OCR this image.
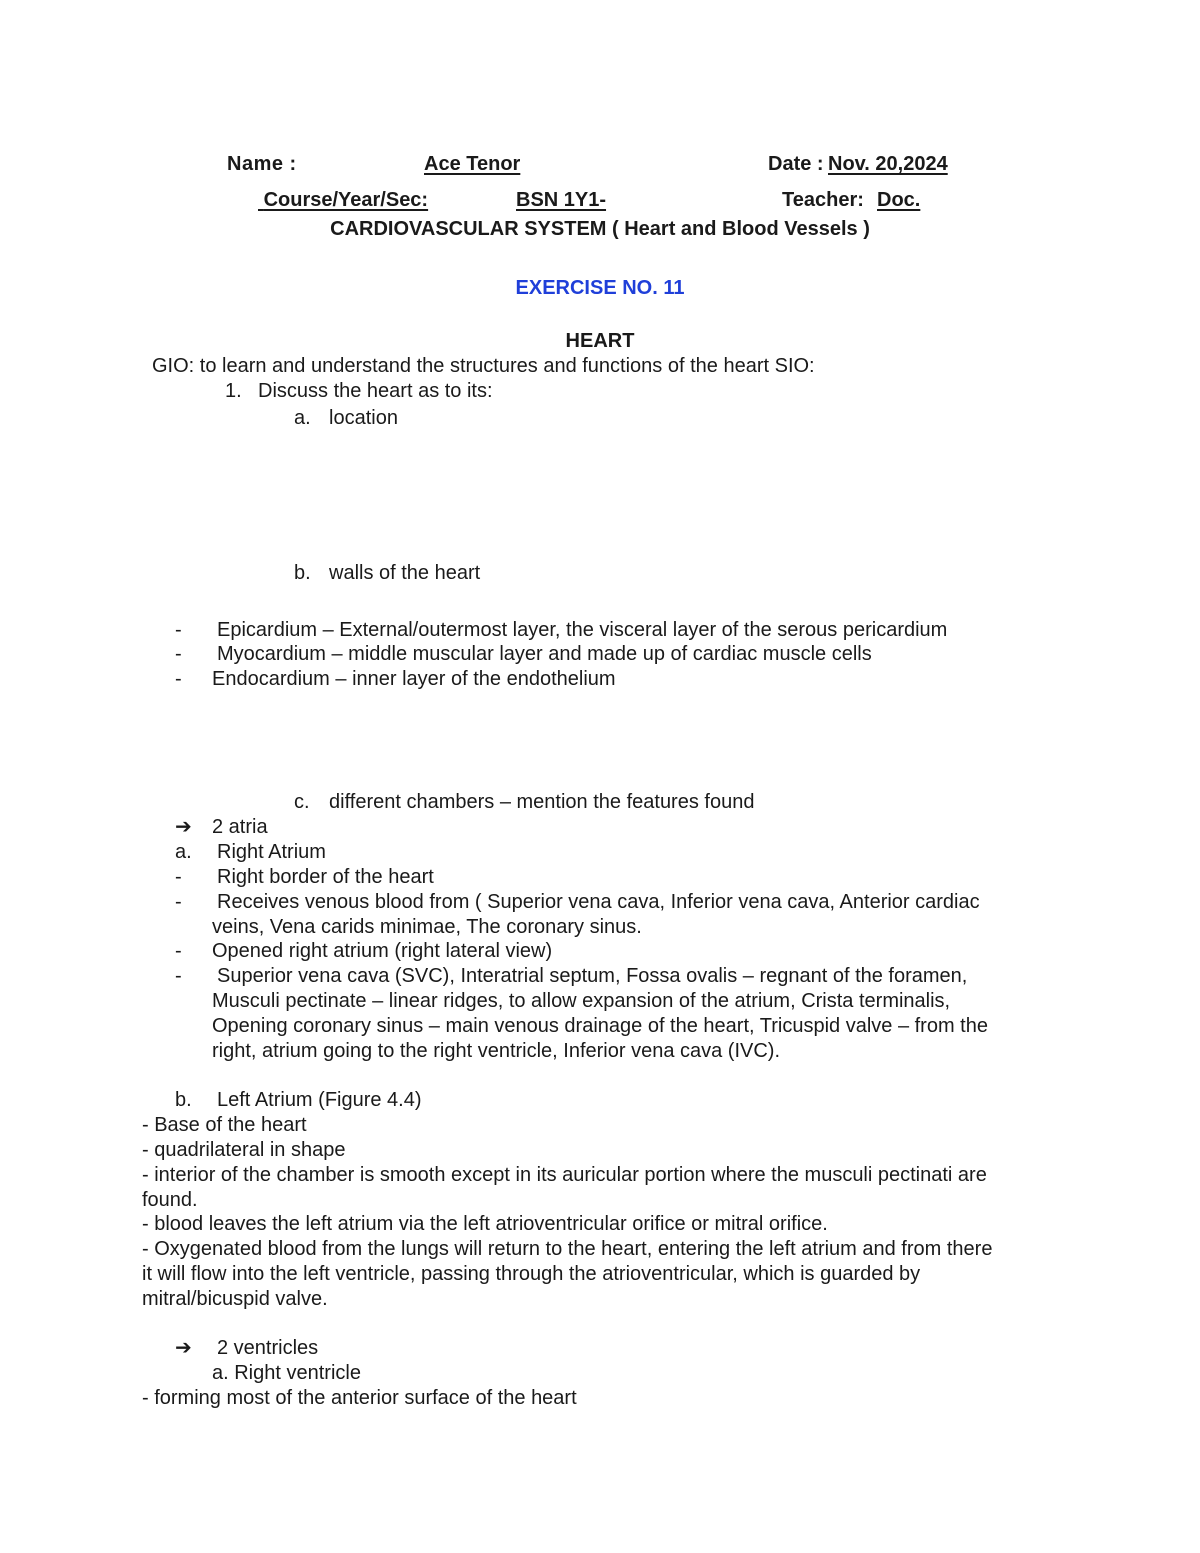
Name :	Ace Tenor	Date : Nov. 20,2024
Course/Year/Sec:	BSN 1Y1-	Teacher: Doc.
CARDIOVASCULAR SYSTEM ( Heart and Blood Vessels )
EXERCISE NO. 11
HEART
GIO: to learn and understand the structures and functions of the heart SIO:
1. Discuss the heart as to its:
a. location
b. walls of the heart
- Epicardium – External/outermost layer, the visceral layer of the serous pericardium
- Myocardium – middle muscular layer and made up of cardiac muscle cells
- Endocardium – inner layer of the endothelium
c. different chambers – mention the features found
➔ 2 atria
a. Right Atrium
- Right border of the heart
- Receives venous blood from ( Superior vena cava, Inferior vena cava, Anterior cardiac
veins, Vena carids minimae, The coronary sinus.
- Opened right atrium (right lateral view)
- Superior vena cava (SVC), Interatrial septum, Fossa ovalis – regnant of the foramen,
Musculi pectinate – linear ridges, to allow expansion of the atrium, Crista terminalis,
Opening coronary sinus – main venous drainage of the heart, Tricuspid valve – from the
right, atrium going to the right ventricle, Inferior vena cava (IVC).
b. Left Atrium (Figure 4.4)
- Base of the heart
- quadrilateral in shape
- interior of the chamber is smooth except in its auricular portion where the musculi pectinati are
found.
- blood leaves the left atrium via the left atrioventricular orifice or mitral orifice.
- Oxygenated blood from the lungs will return to the heart, entering the left atrium and from there
it will flow into the left ventricle, passing through the atrioventricular, which is guarded by
mitral/bicuspid valve.
➔ 2 ventricles
a. Right ventricle
- forming most of the anterior surface of the heart
